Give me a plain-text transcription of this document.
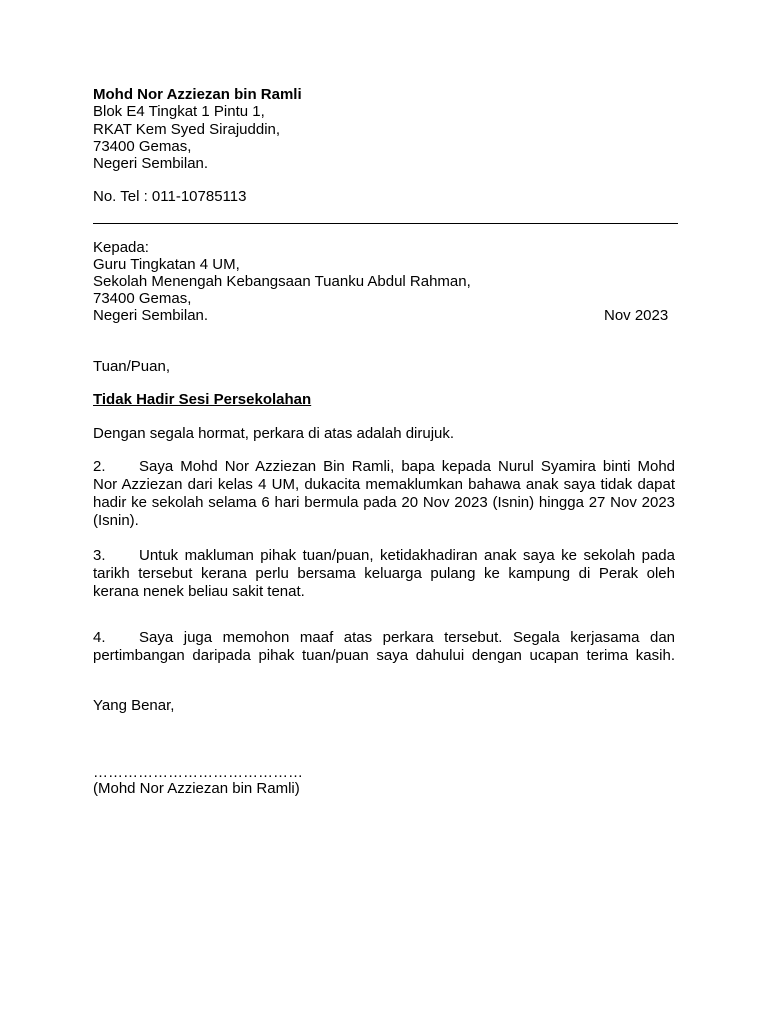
Mohd Nor Azziezan bin Ramli
Blok E4 Tingkat 1 Pintu 1,
RKAT Kem Syed Sirajuddin,
73400 Gemas,
Negeri Sembilan.
No. Tel : 011-10785113
Kepada:
Guru Tingkatan 4 UM,
Sekolah Menengah Kebangsaan Tuanku Abdul Rahman,
73400 Gemas,
Negeri Sembilan.	Nov 2023
Tuan/Puan,
Tidak Hadir Sesi Persekolahan
Dengan segala hormat, perkara di atas adalah dirujuk.
2.	Saya Mohd Nor Azziezan Bin Ramli, bapa kepada Nurul Syamira binti Mohd
Nor Azziezan dari kelas 4 UM, dukacita memaklumkan bahawa anak saya tidak dapat
hadir ke sekolah selama 6 hari bermula pada 20 Nov 2023 (Isnin) hingga 27 Nov 2023
(Isnin).
3.	Untuk makluman pihak tuan/puan, ketidakhadiran anak saya ke sekolah pada
tarikh tersebut kerana perlu bersama keluarga pulang ke kampung di Perak oleh
kerana nenek beliau sakit tenat.
4.	Saya juga memohon maaf atas perkara tersebut. Segala kerjasama dan
pertimbangan daripada pihak tuan/puan saya dahului dengan ucapan terima kasih.
Yang Benar,
……………………………………
(Mohd Nor Azziezan bin Ramli)
